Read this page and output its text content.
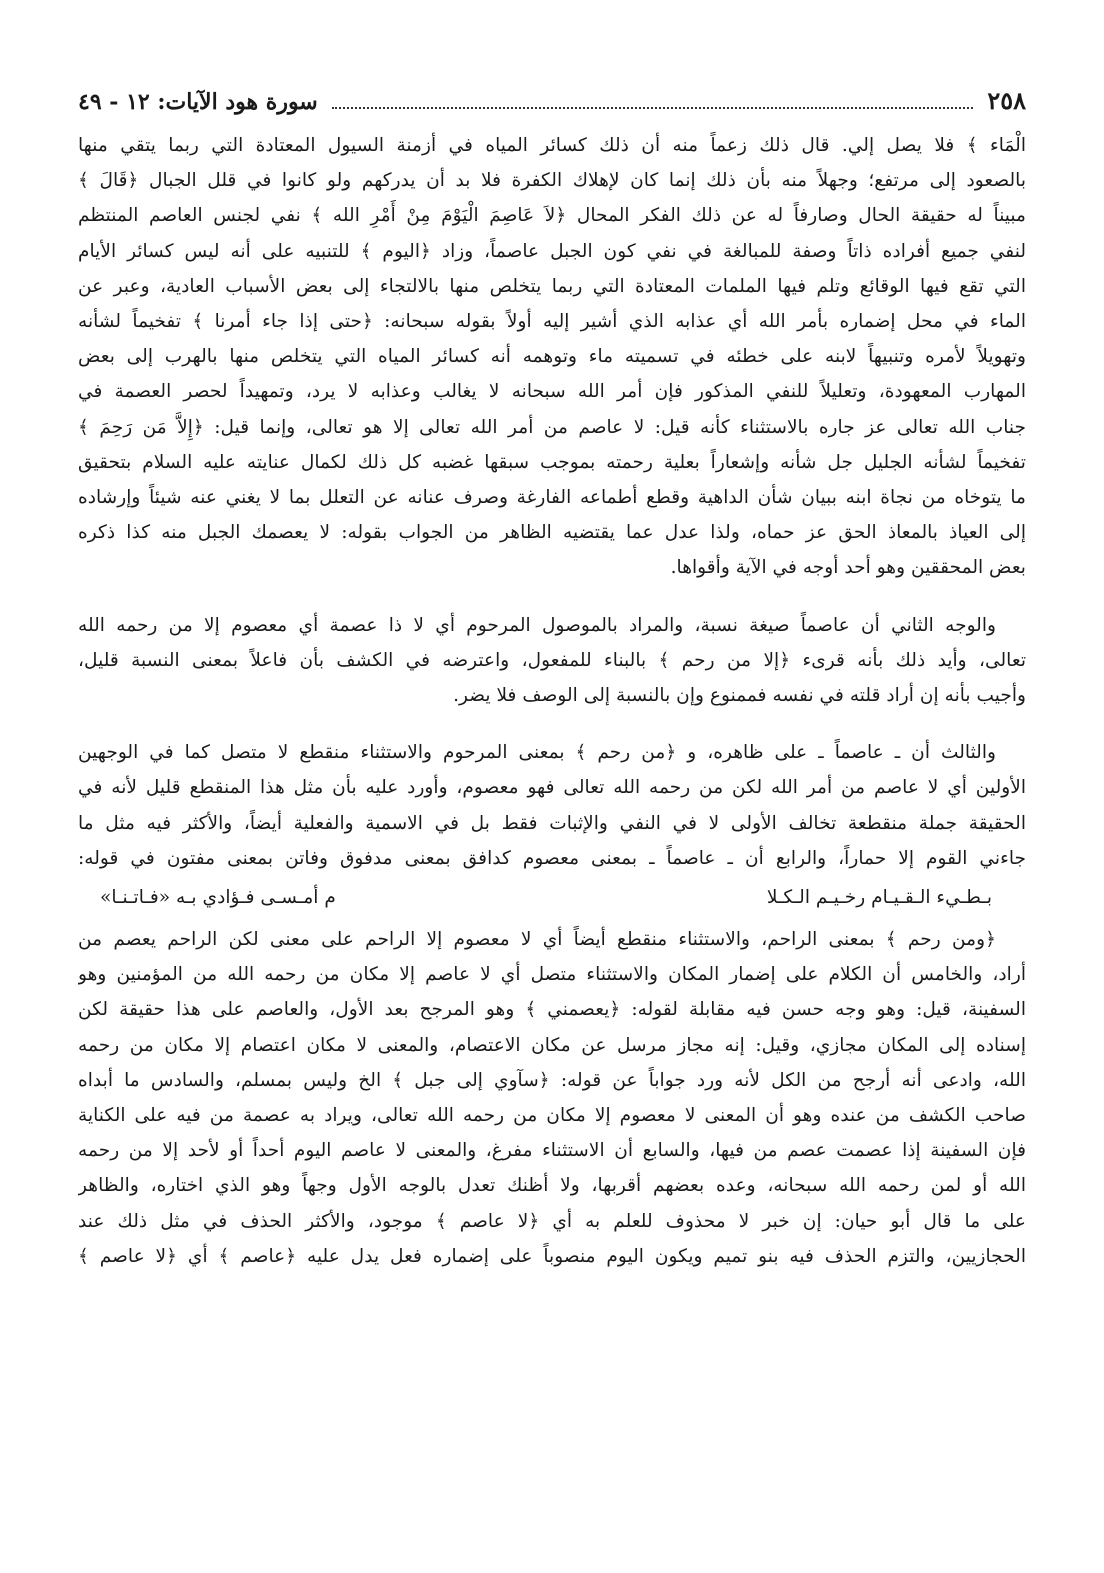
٢٥٨
سورة هود الآيات: ١٢ - ٤٩

الْمَاء ﴾ فلا يصل إلي. قال ذلك زعماً منه أن ذلك كسائر المياه في أزمنة السيول المعتادة التي ربما يتقي منها
بالصعود إلى مرتفع؛ وجهلاً منه بأن ذلك إنما كان لإهلاك الكفرة فلا بد أن يدركهم ولو كانوا في قلل الجبال ﴿قَالَ ﴾
مبيناً له حقيقة الحال وصارفاً له عن ذلك الفكر المحال ﴿لاَ عَاصِمَ الْيَوْمَ مِنْ أَمْرِ الله ﴾ نفي لجنس العاصم المنتظم
لنفي جميع أفراده ذاتاً وصفة للمبالغة في نفي كون الجبل عاصماً، وزاد ﴿اليوم ﴾ للتنبيه على أنه ليس كسائر الأيام
التي تقع فيها الوقائع وتلم فيها الملمات المعتادة التي ربما يتخلص منها بالالتجاء إلى بعض الأسباب العادية، وعبر عن
الماء في محل إضماره بأمر الله أي عذابه الذي أشير إليه أولاً بقوله سبحانه: ﴿حتى إذا جاء أمرنا ﴾ تفخيماً لشأنه
وتهويلاً لأمره وتنبيهاً لابنه على خطئه في تسميته ماء وتوهمه أنه كسائر المياه التي يتخلص منها بالهرب إلى بعض
المهارب المعهودة، وتعليلاً للنفي المذكور فإن أمر الله سبحانه لا يغالب وعذابه لا يرد، وتمهيداً لحصر العصمة في
جناب الله تعالى عز جاره بالاستثناء كأنه قيل: لا عاصم من أمر الله تعالى إلا هو تعالى، وإنما قيل: ﴿إِلاَّ مَن رَحِمَ ﴾
تفخيماً لشأنه الجليل جل شأنه وإشعاراً بعلية رحمته بموجب سبقها غضبه كل ذلك لكمال عنايته عليه السلام بتحقيق
ما يتوخاه من نجاة ابنه ببيان شأن الداهية وقطع أطماعه الفارغة وصرف عنانه عن التعلل بما لا يغني عنه شيئاً وإرشاده
إلى العياذ بالمعاذ الحق عز حماه، ولذا عدل عما يقتضيه الظاهر من الجواب بقوله: لا يعصمك الجبل منه كذا ذكره
بعض المحققين وهو أحد أوجه في الآية وأقواها.

والوجه الثاني أن عاصماً صيغة نسبة، والمراد بالموصول المرحوم أي لا ذا عصمة أي معصوم إلا من رحمه الله
تعالى، وأيد ذلك بأنه قرىء ﴿إلا من رحم ﴾ بالبناء للمفعول، واعترضه في الكشف بأن فاعلاً بمعنى النسبة قليل،
وأجيب بأنه إن أراد قلته في نفسه فممنوع وإن بالنسبة إلى الوصف فلا يضر.

والثالث أن ـ عاصماً ـ على ظاهره، و ﴿من رحم ﴾ بمعنى المرحوم والاستثناء منقطع لا متصل كما في الوجهين
الأولين أي لا عاصم من أمر الله لكن من رحمه الله تعالى فهو معصوم، وأورد عليه بأن مثل هذا المنقطع قليل لأنه في
الحقيقة جملة منقطعة تخالف الأولى لا في النفي والإثبات فقط بل في الاسمية والفعلية أيضاً، والأكثر فيه مثل ما
جاءني القوم إلا حماراً، والرابع أن ـ عاصماً ـ بمعنى معصوم كدافق بمعنى مدفوق وفاتن بمعنى مفتون في قوله:

بـطـيء الـقـيـام رخـيـم الـكـلا
م أمـسـى فـؤادي بـه «فـاتـنـا»

﴿ومن رحم ﴾ بمعنى الراحم، والاستثناء منقطع أيضاً أي لا معصوم إلا الراحم على معنى لكن الراحم يعصم من
أراد، والخامس أن الكلام على إضمار المكان والاستثناء متصل أي لا عاصم إلا مكان من رحمه الله من المؤمنين وهو
السفينة، قيل: وهو وجه حسن فيه مقابلة لقوله: ﴿يعصمني ﴾ وهو المرجح بعد الأول، والعاصم على هذا حقيقة لكن
إسناده إلى المكان مجازي، وقيل: إنه مجاز مرسل عن مكان الاعتصام، والمعنى لا مكان اعتصام إلا مكان من رحمه
الله، وادعى أنه أرجح من الكل لأنه ورد جواباً عن قوله: ﴿سآوي إلى جبل ﴾ الخ وليس بمسلم، والسادس ما أبداه
صاحب الكشف من عنده وهو أن المعنى لا معصوم إلا مكان من رحمه الله تعالى، ويراد به عصمة من فيه على الكناية
فإن السفينة إذا عصمت عصم من فيها، والسابع أن الاستثناء مفرغ، والمعنى لا عاصم اليوم أحداً أو لأحد إلا من رحمه
الله أو لمن رحمه الله سبحانه، وعده بعضهم أقربها، ولا أظنك تعدل بالوجه الأول وجهاً وهو الذي اختاره، والظاهر
على ما قال أبو حيان: إن خبر لا محذوف للعلم به أي ﴿لا عاصم ﴾ موجود، والأكثر الحذف في مثل ذلك عند
الحجازيين، والتزم الحذف فيه بنو تميم ويكون اليوم منصوباً على إضماره فعل يدل عليه ﴿عاصم ﴾ أي ﴿لا عاصم ﴾
